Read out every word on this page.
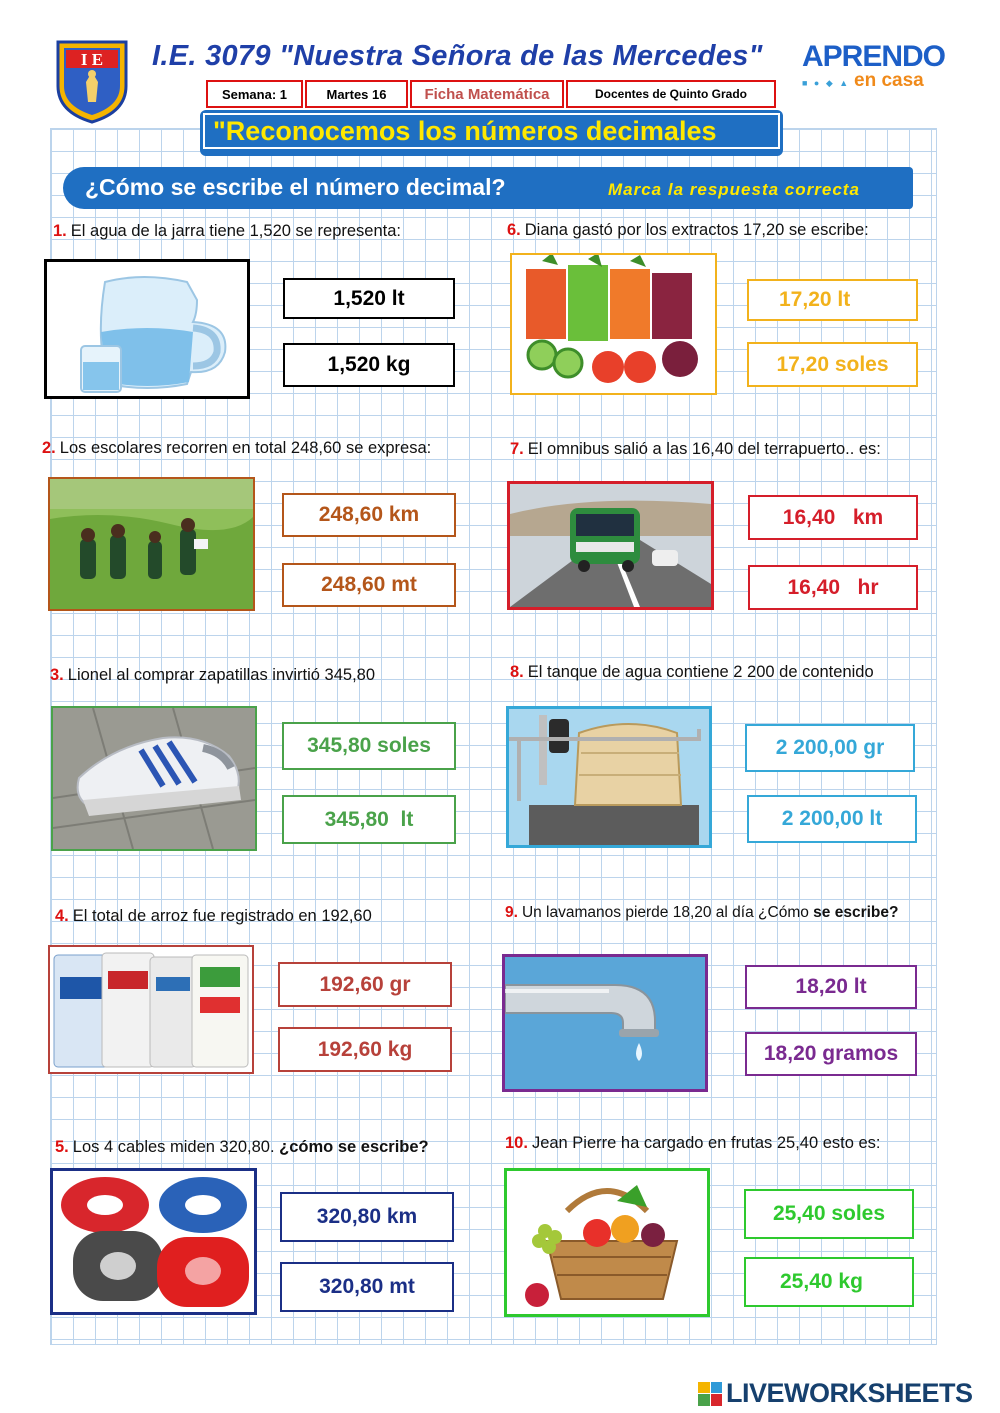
I E I.E. 3079 "Nuestra Señora de las Mercedes" APRENDO
en casa
■ ● ◆ ▲
Semana: 1	Martes 16	Ficha Matemática	Docentes de Quinto Grado
"Reconocemos los números decimales
¿Cómo se escribe el número decimal?	Marca la respuesta correcta
1. El agua de la jarra tiene 1,520 se representa:
1,520 lt
1,520 kg
2. Los escolares recorren en total 248,60 se expresa:
248,60 km
248,60 mt
3. Lionel al comprar zapatillas invirtió 345,80
345,80 soles
345,80  lt
4. El total de arroz fue registrado en 192,60
192,60 gr
192,60 kg
5. Los 4 cables miden 320,80. ¿cómo se escribe?
320,80 km
320,80 mt
6. Diana gastó por los extractos 17,20 se escribe:
17,20 lt
17,20 soles
7. El omnibus salió a las 16,40 del terrapuerto.. es:
16,40   km
16,40   hr
8. El tanque de agua contiene 2 200 de contenido
2 200,00 gr
2 200,00 lt
9. Un lavamanos pierde 18,20 al día ¿Cómo se escribe?
18,20 lt
18,20 gramos
10. Jean Pierre ha cargado en frutas 25,40 esto es:
25,40 soles
25,40 kg
LIVEWORKSHEETS
